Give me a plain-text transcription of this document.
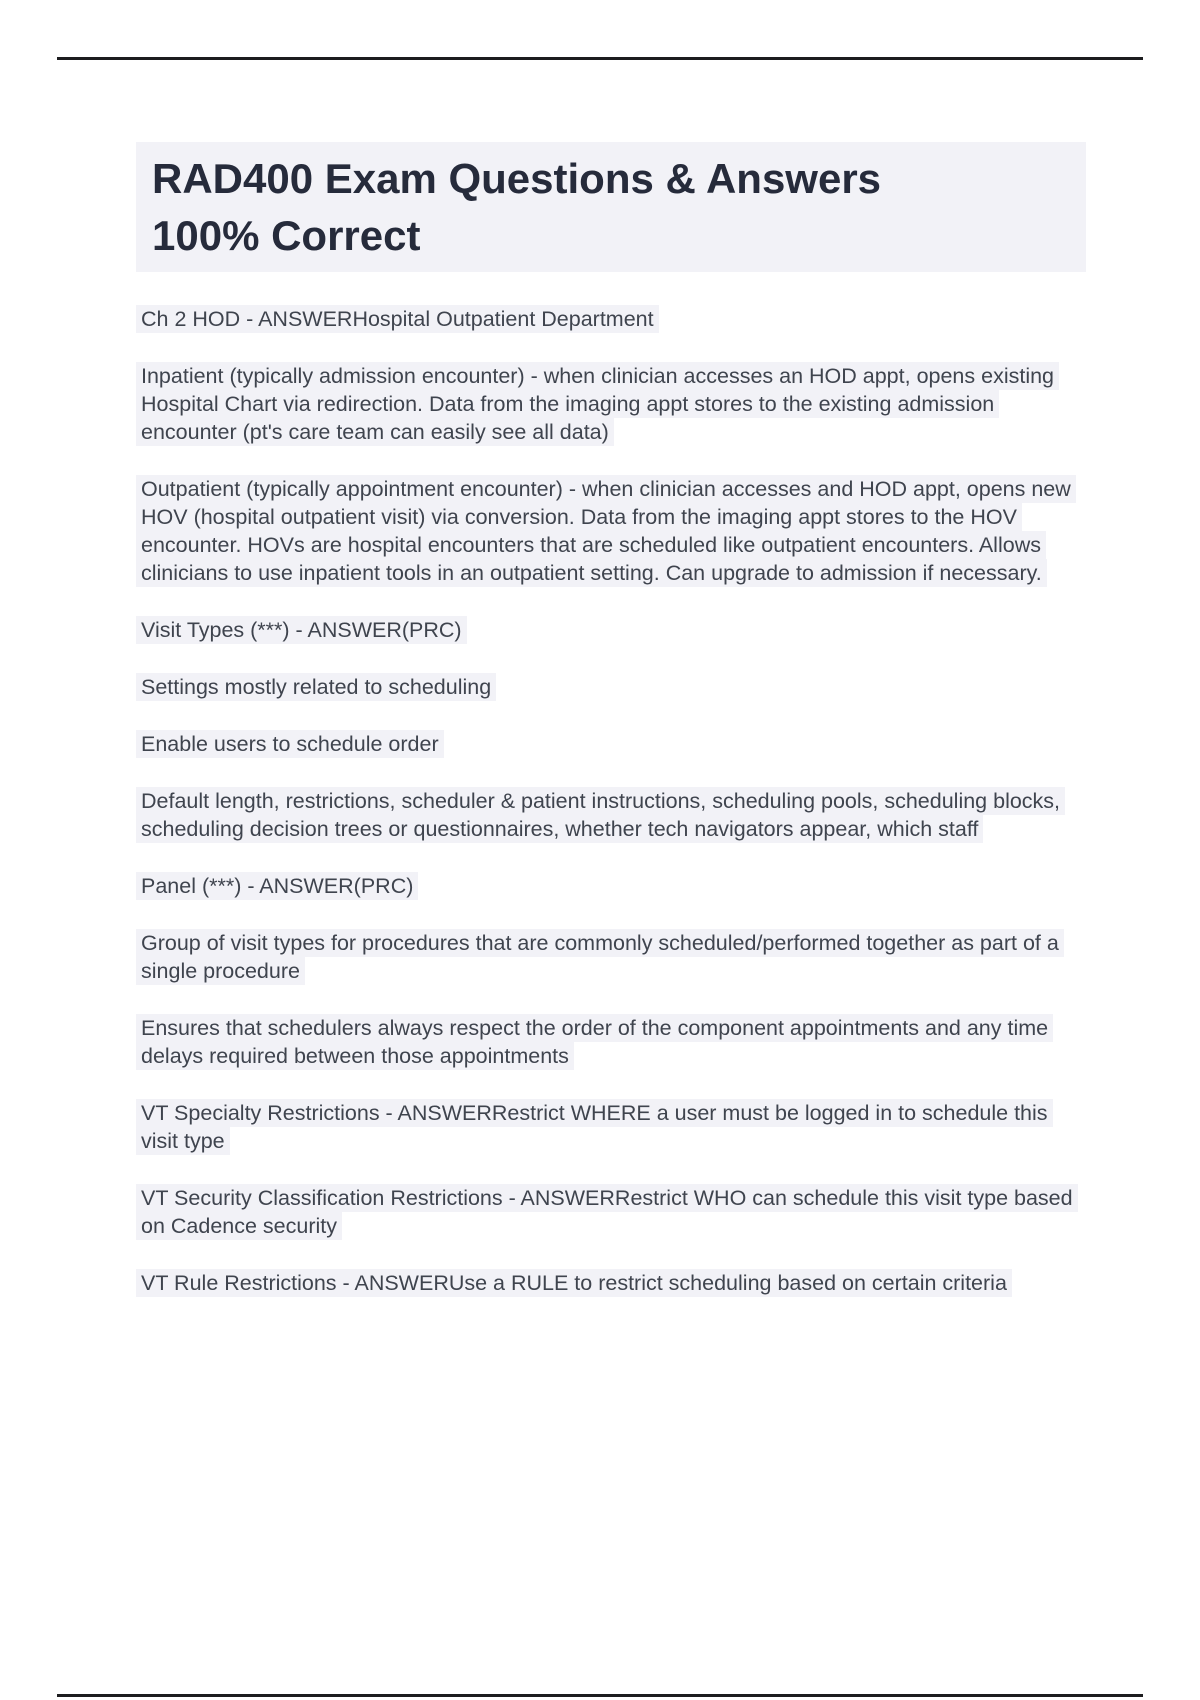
RAD400 Exam Questions & Answers 100% Correct

Ch 2 HOD - ANSWERHospital Outpatient Department

Inpatient (typically admission encounter) - when clinician accesses an HOD appt, opens existing Hospital Chart via redirection. Data from the imaging appt stores to the existing admission encounter (pt's care team can easily see all data)

Outpatient (typically appointment encounter) - when clinician accesses and HOD appt, opens new HOV (hospital outpatient visit) via conversion. Data from the imaging appt stores to the HOV encounter. HOVs are hospital encounters that are scheduled like outpatient encounters. Allows clinicians to use inpatient tools in an outpatient setting. Can upgrade to admission if necessary.

Visit Types (***) - ANSWER(PRC)

Settings mostly related to scheduling

Enable users to schedule order

Default length, restrictions, scheduler & patient instructions, scheduling pools, scheduling blocks, scheduling decision trees or questionnaires, whether tech navigators appear, which staff

Panel (***) - ANSWER(PRC)

Group of visit types for procedures that are commonly scheduled/performed together as part of a single procedure

Ensures that schedulers always respect the order of the component appointments and any time delays required between those appointments

VT Specialty Restrictions - ANSWERRestrict WHERE a user must be logged in to schedule this visit type

VT Security Classification Restrictions - ANSWERRestrict WHO can schedule this visit type based on Cadence security

VT Rule Restrictions - ANSWERUse a RULE to restrict scheduling based on certain criteria
